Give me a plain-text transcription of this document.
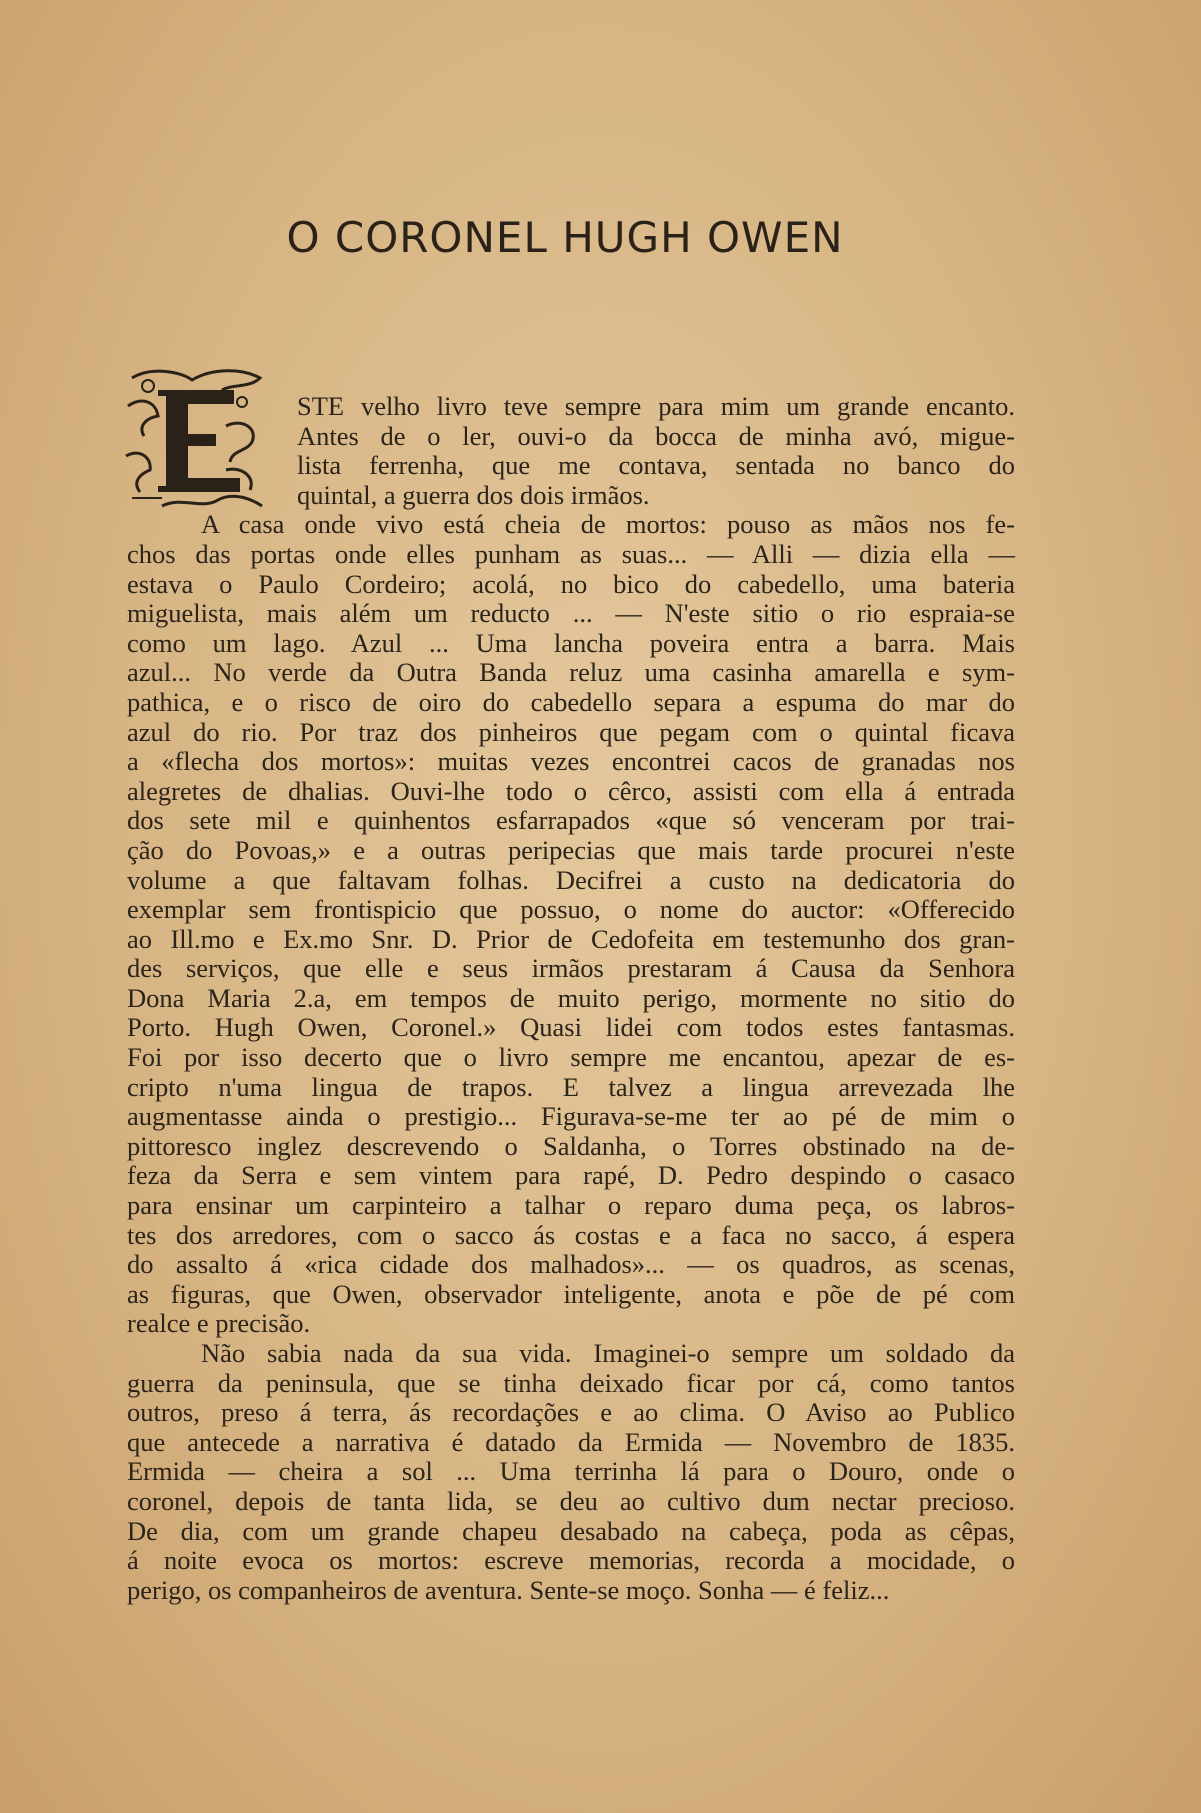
O CORONEL HUGH OWEN
STE velho livro teve sempre para mim um grande encanto.
Antes de o ler, ouvi-o da bocca de minha avó, migue-
lista ferrenha, que me contava, sentada no banco do
quintal, a guerra dos dois irmãos.
A casa onde vivo está cheia de mortos: pouso as mãos nos fe-
chos das portas onde elles punham as suas... — Alli — dizia ella —
estava o Paulo Cordeiro; acolá, no bico do cabedello, uma bateria
miguelista, mais além um reducto ... — N'este sitio o rio espraia-se
como um lago. Azul ... Uma lancha poveira entra a barra. Mais
azul... No verde da Outra Banda reluz uma casinha amarella e sym-
pathica, e o risco de oiro do cabedello separa a espuma do mar do
azul do rio. Por traz dos pinheiros que pegam com o quintal ficava
a «flecha dos mortos»: muitas vezes encontrei cacos de granadas nos
alegretes de dhalias. Ouvi-lhe todo o cêrco, assisti com ella á entrada
dos sete mil e quinhentos esfarrapados «que só venceram por trai-
ção do Povoas,» e a outras peripecias que mais tarde procurei n'este
volume a que faltavam folhas. Decifrei a custo na dedicatoria do
exemplar sem frontispicio que possuo, o nome do auctor: «Offerecido
ao Ill.mo e Ex.mo Snr. D. Prior de Cedofeita em testemunho dos gran-
des serviços, que elle e seus irmãos prestaram á Causa da Senhora
Dona Maria 2.a, em tempos de muito perigo, mormente no sitio do
Porto. Hugh Owen, Coronel.» Quasi lidei com todos estes fantasmas.
Foi por isso decerto que o livro sempre me encantou, apezar de es-
cripto n'uma lingua de trapos. E talvez a lingua arrevezada lhe
augmentasse ainda o prestigio... Figurava-se-me ter ao pé de mim o
pittoresco inglez descrevendo o Saldanha, o Torres obstinado na de-
feza da Serra e sem vintem para rapé, D. Pedro despindo o casaco
para ensinar um carpinteiro a talhar o reparo duma peça, os labros-
tes dos arredores, com o sacco ás costas e a faca no sacco, á espera
do assalto á «rica cidade dos malhados»... — os quadros, as scenas,
as figuras, que Owen, observador inteligente, anota e põe de pé com
realce e precisão.
Não sabia nada da sua vida. Imaginei-o sempre um soldado da
guerra da peninsula, que se tinha deixado ficar por cá, como tantos
outros, preso á terra, ás recordações e ao clima. O Aviso ao Publico
que antecede a narrativa é datado da Ermida — Novembro de 1835.
Ermida — cheira a sol ... Uma terrinha lá para o Douro, onde o
coronel, depois de tanta lida, se deu ao cultivo dum nectar precioso.
De dia, com um grande chapeu desabado na cabeça, poda as cêpas,
á noite evoca os mortos: escreve memorias, recorda a mocidade, o
perigo, os companheiros de aventura. Sente-se moço. Sonha — é feliz...
